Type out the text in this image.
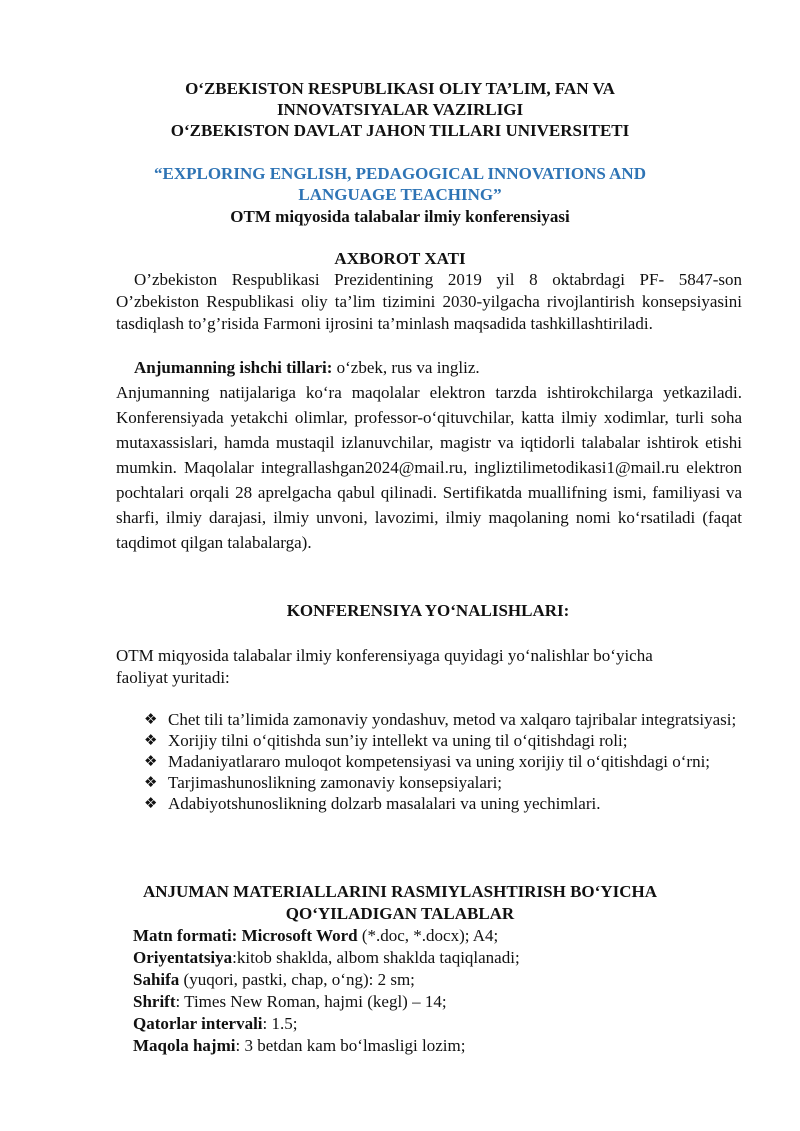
O‘ZBEKISTON RESPUBLIKASI OLIY TA’LIM, FAN VA
INNOVATSIYALAR VAZIRLIGI
O‘ZBEKISTON DAVLAT JAHON TILLARI UNIVERSITETI
“EXPLORING ENGLISH, PEDAGOGICAL INNOVATIONS AND
LANGUAGE TEACHING”
OTM miqyosida talabalar ilmiy konferensiyasi
AXBOROT XATI
O’zbekiston Respublikasi Prezidentining 2019 yil 8 oktabrdagi PF- 5847-son O’zbekiston Respublikasi oliy ta’lim tizimini 2030-yilgacha rivojlantirish konsepsiyasini tasdiqlash to’g’risida Farmoni ijrosini ta’minlash maqsadida tashkillashtiriladi.
Anjumanning ishchi tillari: o‘zbek, rus va ingliz.
Anjumanning natijalariga ko‘ra maqolalar elektron tarzda ishtirokchilarga yetkaziladi. Konferensiyada yetakchi olimlar, professor-o‘qituvchilar, katta ilmiy xodimlar, turli soha mutaxassislari, hamda mustaqil izlanuvchilar, magistr va iqtidorli talabalar ishtirok etishi mumkin. Maqolalar integrallashgan2024@mail.ru, ingliztilimetodikasi1@mail.ru elektron pochtalari orqali 28 aprelgacha qabul qilinadi. Sertifikatda muallifning ismi, familiyasi va sharfi, ilmiy darajasi, ilmiy unvoni, lavozimi, ilmiy maqolaning nomi ko‘rsatiladi (faqat taqdimot qilgan talabalarga).
KONFERENSIYA YO‘NALISHLARI:
OTM miqyosida talabalar ilmiy konferensiyaga quyidagi yo‘nalishlar bo‘yicha
faoliyat yuritadi:
❖ Chet tili ta’limida zamonaviy yondashuv, metod va xalqaro tajribalar integratsiyasi;
❖ Xorijiy tilni o‘qitishda sun’iy intellekt va uning til o‘qitishdagi roli;
❖ Madaniyatlararo muloqot kompetensiyasi va uning xorijiy til o‘qitishdagi o‘rni;
❖ Tarjimashunoslikning zamonaviy konsepsiyalari;
❖ Adabiyotshunoslikning dolzarb masalalari va uning yechimlari.
ANJUMAN MATERIALLARINI RASMIYLASHTIRISH BO‘YICHA
QO‘YILADIGAN TALABLAR
Matn formati: Microsoft Word (*.doc, *.docx); A4;
Oriyentatsiya:kitob shaklda, albom shaklda taqiqlanadi;
Sahifa (yuqori, pastki, chap, o‘ng): 2 sm;
Shrift: Times New Roman, hajmi (kegl) – 14;
Qatorlar intervali: 1.5;
Maqola hajmi: 3 betdan kam bo‘lmasligi lozim;
